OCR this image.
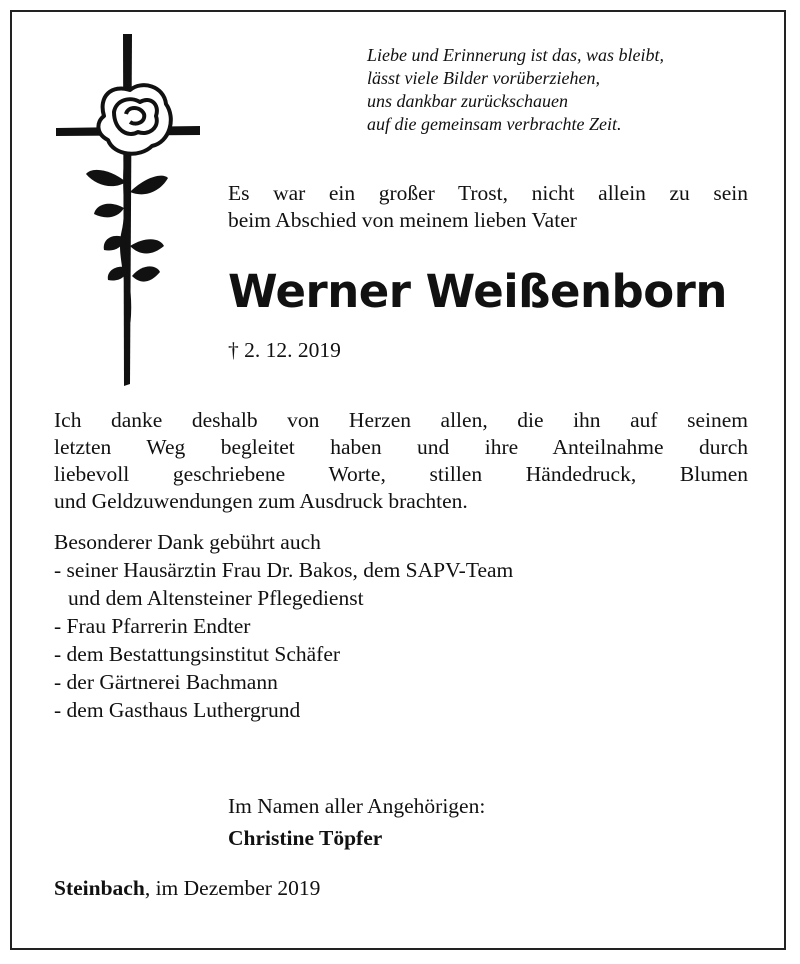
Liebe und Erinnerung ist das, was bleibt,
lässt viele Bilder vorüberziehen,
uns dankbar zurückschauen
auf die gemeinsam verbrachte Zeit.
Es war ein großer Trost, nicht allein zu sein
beim Abschied von meinem lieben Vater
Werner Weißenborn
† 2. 12. 2019
Ich danke deshalb von Herzen allen, die ihn auf seinem
letzten Weg begleitet haben und ihre Anteilnahme durch
liebevoll geschriebene Worte, stillen Händedruck, Blumen
und Geldzuwendungen zum Ausdruck brachten.
Besonderer Dank gebührt auch
- seiner Hausärztin Frau Dr. Bakos, dem SAPV-Team
und dem Altensteiner Pflegedienst
- Frau Pfarrerin Endter
- dem Bestattungsinstitut Schäfer
- der Gärtnerei Bachmann
- dem Gasthaus Luthergrund
Im Namen aller Angehörigen:
Christine Töpfer
Steinbach, im Dezember 2019
